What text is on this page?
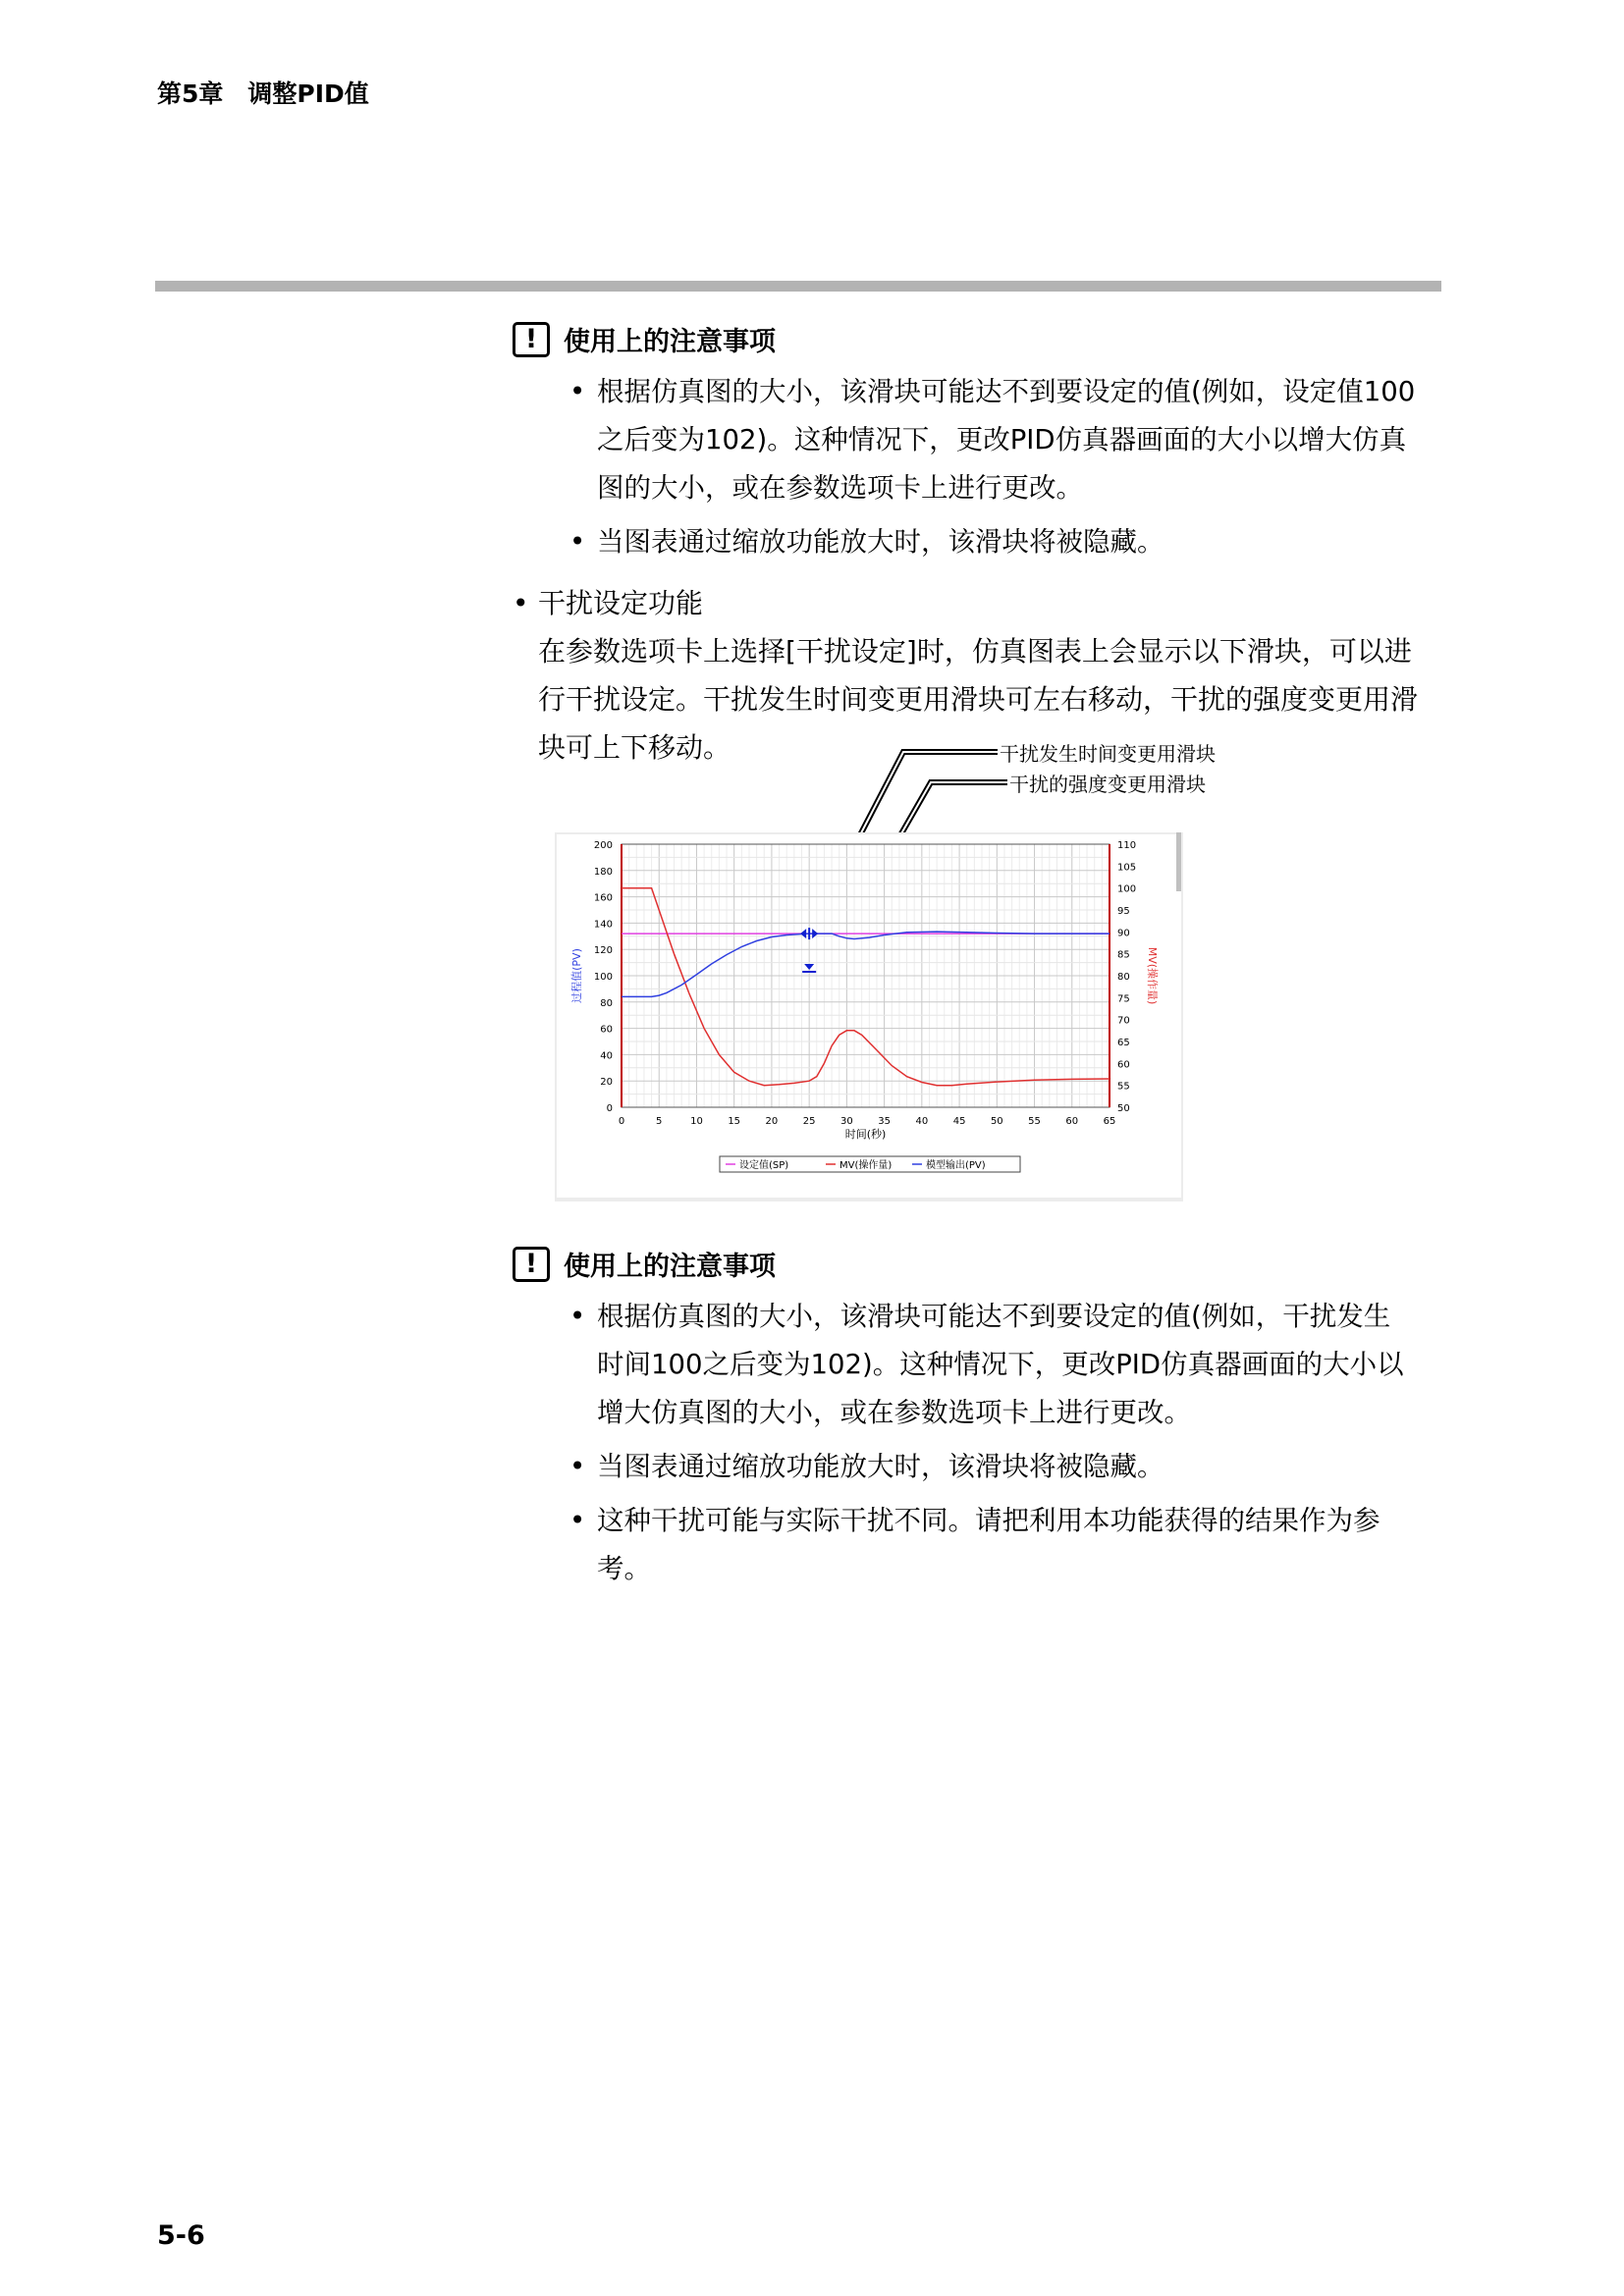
第5章　调整PID值
! 使用上的注意事项
• 根据仿真图的大小，该滑块可能达不到要设定的值(例如，设定值100之后变为102)。这种情况下，更改PID仿真器画面的大小以增大仿真图的大小，或在参数选项卡上进行更改。
• 当图表通过缩放功能放大时，该滑块将被隐藏。
• 干扰设定功能
在参数选项卡上选择[干扰设定]时，仿真图表上会显示以下滑块，可以进行干扰设定。干扰发生时间变更用滑块可左右移动，干扰的强度变更用滑块可上下移动。	干扰发生时间变更用滑块
干扰的强度变更用滑块
0	5	10	15	20	25	30	35	40	45	50	55	60	65
0
20
40
60
80
100
120
140
160
180
200
50
55
60
65
70
75
80
85
90
95
100
105
110
时间(秒)
过程值(PV)	MV(操作量)
设定值(SP)	MV(操作量)	模型输出(PV)
! 使用上的注意事项
• 根据仿真图的大小，该滑块可能达不到要设定的值(例如，干扰发生时间100之后变为102)。这种情况下，更改PID仿真器画面的大小以增大仿真图的大小，或在参数选项卡上进行更改。
• 当图表通过缩放功能放大时，该滑块将被隐藏。
• 这种干扰可能与实际干扰不同。请把利用本功能获得的结果作为参考。
5-6
